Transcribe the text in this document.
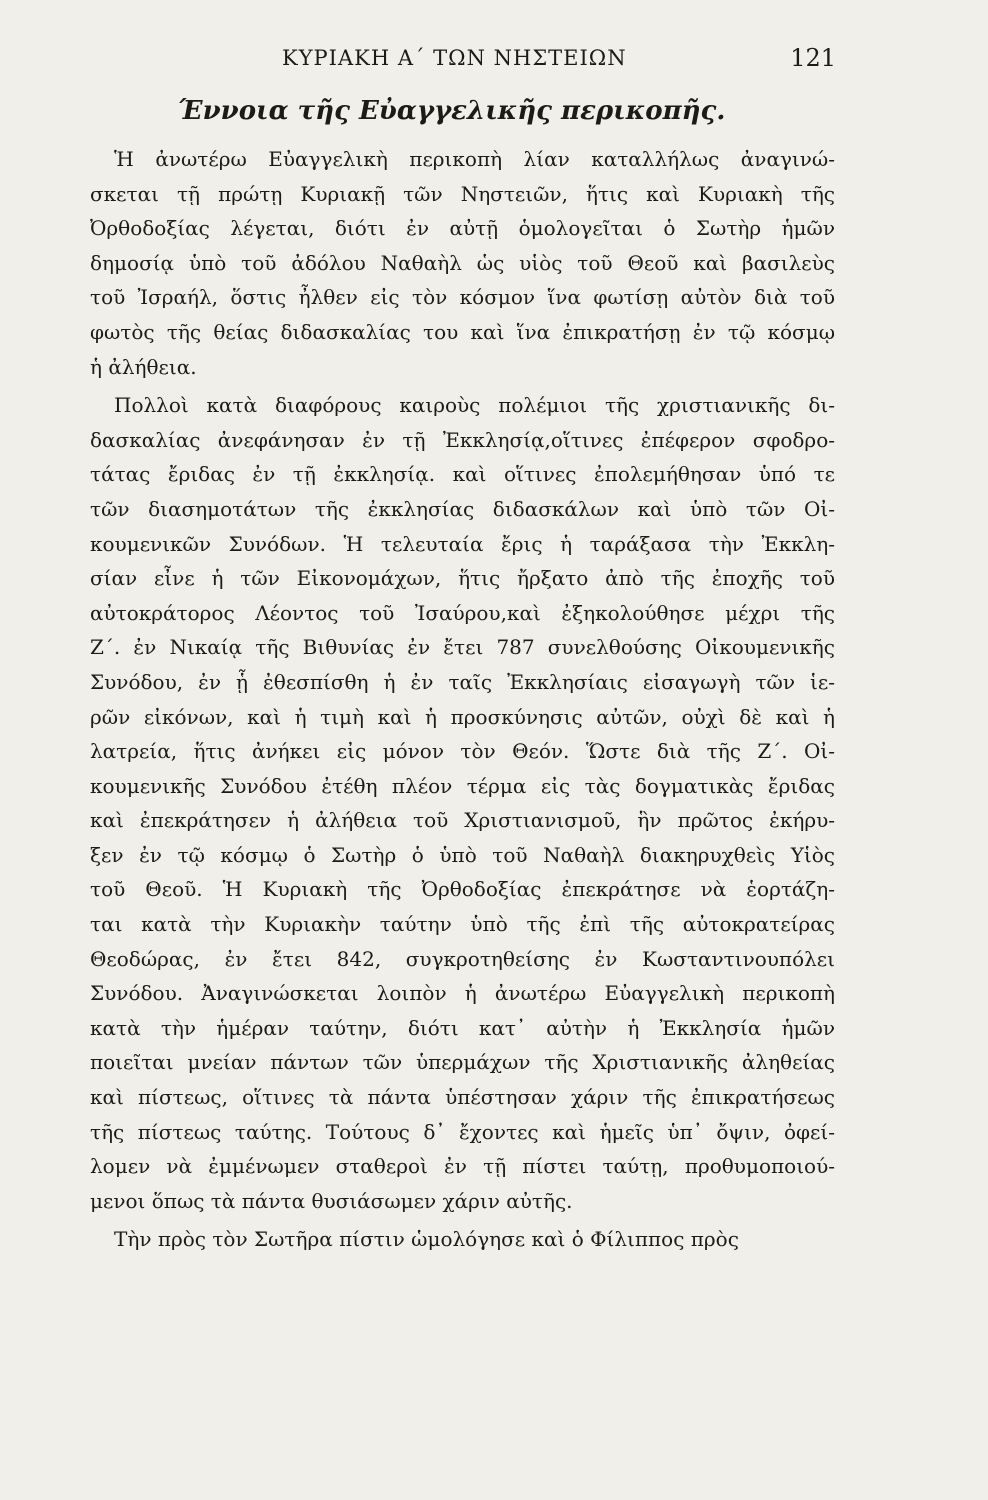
ΚΥΡΙΑΚΗ Α΄ ΤΩΝ ΝΗΣΤΕΙΩΝ	121
Έννοια τῆς Εὐαγγελικῆς περικοπῆς.
Ἡ ἀνωτέρω Εὐαγγελικὴ περικοπὴ λίαν καταλλήλως ἀναγινώ-
σκεται τῇ πρώτῃ Κυριακῇ τῶν Νηστειῶν, ἥτις καὶ Κυριακὴ τῆς
Ὀρθοδοξίας λέγεται, διότι ἐν αὐτῇ ὁμολογεῖται ὁ Σωτὴρ ἡμῶν
δημοσίᾳ ὑπὸ τοῦ ἀδόλου Ναθαὴλ ὡς υἱὸς τοῦ Θεοῦ καὶ βασιλεὺς
τοῦ Ἰσραήλ, ὅστις ἦλθεν εἰς τὸν κόσμον ἵνα φωτίσῃ αὐτὸν διὰ τοῦ
φωτὸς τῆς θείας διδασκαλίας του καὶ ἵνα ἐπικρατήσῃ ἐν τῷ κόσμῳ
ἡ ἀλήθεια.
Πολλοὶ κατὰ διαφόρους καιροὺς πολέμιοι τῆς χριστιανικῆς δι-
δασκαλίας ἀνεφάνησαν ἐν τῇ Ἐκκλησίᾳ,οἵτινες ἐπέφερον σφοδρο-
τάτας ἔριδας ἐν τῇ ἐκκλησίᾳ. καὶ οἵτινες ἐπολεμήθησαν ὑπό τε
τῶν διασημοτάτων τῆς ἐκκλησίας διδασκάλων καὶ ὑπὸ τῶν Οἰ-
κουμενικῶν Συνόδων. Ἡ τελευταία ἔρις ἡ ταράξασα τὴν Ἐκκλη-
σίαν εἶνε ἡ τῶν Εἰκονομάχων, ἥτις ἤρξατο ἀπὸ τῆς ἐποχῆς τοῦ
αὐτοκράτορος Λέοντος τοῦ Ἰσαύρου,καὶ ἐξηκολούθησε μέχρι τῆς
Ζ΄. ἐν Νικαίᾳ τῆς Βιθυνίας ἐν ἔτει 787 συνελθούσης Οἰκουμενικῆς
Συνόδου, ἐν ᾗ ἐθεσπίσθη ἡ ἐν ταῖς Ἐκκλησίαις εἰσαγωγὴ τῶν ἱε-
ρῶν εἰκόνων, καὶ ἡ τιμὴ καὶ ἡ προσκύνησις αὐτῶν, οὐχὶ δὲ καὶ ἡ
λατρεία, ἥτις ἀνήκει εἰς μόνον τὸν Θεόν. Ὥστε διὰ τῆς Ζ΄. Οἰ-
κουμενικῆς Συνόδου ἐτέθη πλέον τέρμα εἰς τὰς δογματικὰς ἔριδας
καὶ ἐπεκράτησεν ἡ ἀλήθεια τοῦ Χριστιανισμοῦ, ἣν πρῶτος ἐκήρυ-
ξεν ἐν τῷ κόσμῳ ὁ Σωτὴρ ὁ ὑπὸ τοῦ Ναθαὴλ διακηρυχθεὶς Υἱὸς
τοῦ Θεοῦ. Ἡ Κυριακὴ τῆς Ὀρθοδοξίας ἐπεκράτησε νὰ ἑορτάζη-
ται κατὰ τὴν Κυριακὴν ταύτην ὑπὸ τῆς ἐπὶ τῆς αὐτοκρατείρας
Θεοδώρας, ἐν ἔτει 842, συγκροτηθείσης ἐν Κωσταντινουπόλει
Συνόδου. Ἀναγινώσκεται λοιπὸν ἡ ἀνωτέρω Εὐαγγελικὴ περικοπὴ
κατὰ τὴν ἡμέραν ταύτην, διότι κατ᾽ αὐτὴν ἡ Ἐκκλησία ἡμῶν
ποιεῖται μνείαν πάντων τῶν ὑπερμάχων τῆς Χριστιανικῆς ἀληθείας
καὶ πίστεως, οἵτινες τὰ πάντα ὑπέστησαν χάριν τῆς ἐπικρατήσεως
τῆς πίστεως ταύτης. Τούτους δ᾽ ἔχοντες καὶ ἡμεῖς ὑπ᾽ ὄψιν, ὀφεί-
λομεν νὰ ἐμμένωμεν σταθεροὶ ἐν τῇ πίστει ταύτῃ, προθυμοποιού-
μενοι ὅπως τὰ πάντα θυσιάσωμεν χάριν αὐτῆς.
Τὴν πρὸς τὸν Σωτῆρα πίστιν ὡμολόγησε καὶ ὁ Φίλιππος πρὸς
